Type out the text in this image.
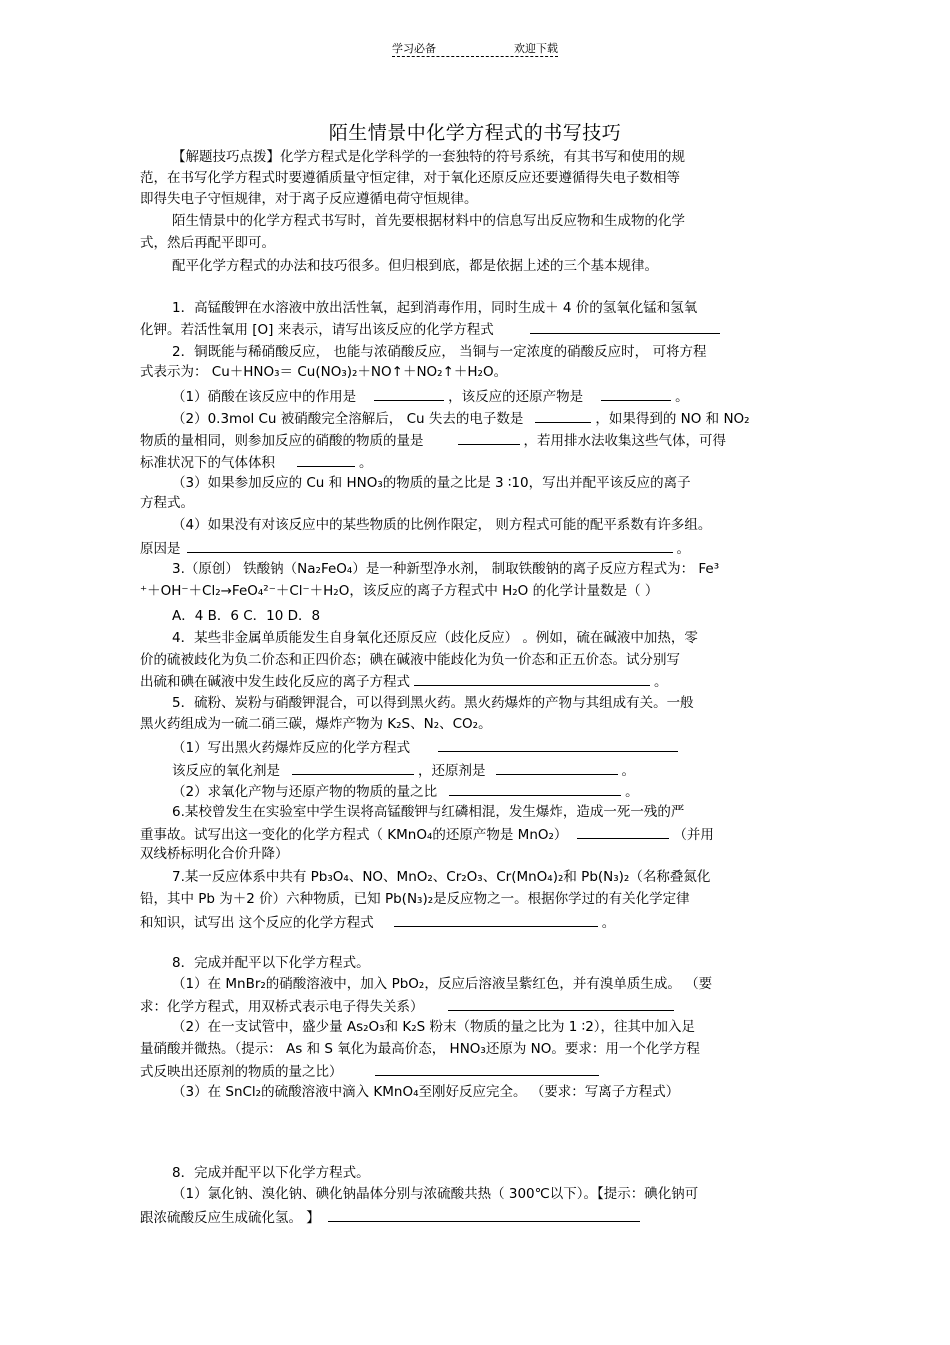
学习必备	欢迎下载
陌生情景中化学方程式的书写技巧
【解题技巧点拨】化学方程式是化学科学的一套独特的符号系统，有其书写和使用的规
范，在书写化学方程式时要遵循质量守恒定律，对于氧化还原反应还要遵循得失电子数相等
即得失电子守恒规律，对于离子反应遵循电荷守恒规律。
陌生情景中的化学方程式书写时，首先要根据材料中的信息写出反应物和生成物的化学
式，然后再配平即可。
配平化学方程式的办法和技巧很多。但归根到底，都是依据上述的三个基本规律。
1．高锰酸钾在水溶液中放出活性氧，起到消毒作用，同时生成＋ 4 价的氢氧化锰和氢氧
化钾。若活性氧用 [O] 来表示，请写出该反应的化学方程式
2．铜既能与稀硝酸反应， 也能与浓硝酸反应， 当铜与一定浓度的硝酸反应时， 可将方程
式表示为： Cu＋HNO₃＝ Cu(NO₃)₂＋NO↑＋NO₂↑＋H₂O。
（1）硝酸在该反应中的作用是	，该反应的还原产物是	。
（2）0.3mol Cu 被硝酸完全溶解后， Cu 失去的电子数是	，如果得到的 NO 和 NO₂
物质的量相同，则参加反应的硝酸的物质的量是	，若用排水法收集这些气体，可得
标准状况下的气体体积	。
（3）如果参加反应的 Cu 和 HNO₃的物质的量之比是 3 ∶10，写出并配平该反应的离子
方程式。
（4）如果没有对该反应中的某些物质的比例作限定， 则方程式可能的配平系数有许多组。
原因是	。
3.（原创） 铁酸钠（Na₂FeO₄）是一种新型净水剂， 制取铁酸钠的离子反应方程式为： Fe³
⁺＋OH⁻＋Cl₂→FeO₄²⁻＋Cl⁻＋H₂O，该反应的离子方程式中 H₂O 的化学计量数是（ ）
A．4 B．6 C．10 D．8
4．某些非金属单质能发生自身氧化还原反应（歧化反应） 。例如，硫在碱液中加热，零
价的硫被歧化为负二价态和正四价态；碘在碱液中能歧化为负一价态和正五价态。试分别写
出硫和碘在碱液中发生歧化反应的离子方程式	。
5．硫粉、炭粉与硝酸钾混合，可以得到黑火药。黑火药爆炸的产物与其组成有关。一般
黑火药组成为一硫二硝三碳，爆炸产物为 K₂S、N₂、CO₂。
（1）写出黑火药爆炸反应的化学方程式
该反应的氧化剂是	，还原剂是	。
（2）求氧化产物与还原产物的物质的量之比	。
6.某校曾发生在实验室中学生误将高锰酸钾与红磷相混，发生爆炸，造成一死一残的严
重事故。试写出这一变化的化学方程式（ KMnO₄的还原产物是 MnO₂）	（并用
双线桥标明化合价升降）
7.某一反应体系中共有 Pb₃O₄、NO、MnO₂、Cr₂O₃、Cr(MnO₄)₂和 Pb(N₃)₂（名称叠氮化
铅，其中 Pb 为＋2 价）六种物质，已知 Pb(N₃)₂是反应物之一。根据你学过的有关化学定律
和知识，试写出 这个反应的化学方程式	。
8．完成并配平以下化学方程式。
（1）在 MnBr₂的硝酸溶液中，加入 PbO₂，反应后溶液呈紫红色，并有溴单质生成。 （要
求：化学方程式，用双桥式表示电子得失关系）
（2）在一支试管中，盛少量 As₂O₃和 K₂S 粉末（物质的量之比为 1 ∶2），往其中加入足
量硝酸并微热。（提示： As 和 S 氧化为最高价态， HNO₃还原为 NO。要求：用一个化学方程
式反映出还原剂的物质的量之比）
（3）在 SnCl₂的硫酸溶液中滴入 KMnO₄至刚好反应完全。 （要求：写离子方程式）
8．完成并配平以下化学方程式。
（1）氯化钠、溴化钠、碘化钠晶体分别与浓硫酸共热（ 300℃以下）。【提示：碘化钠可
跟浓硫酸反应生成硫化氢。 】
